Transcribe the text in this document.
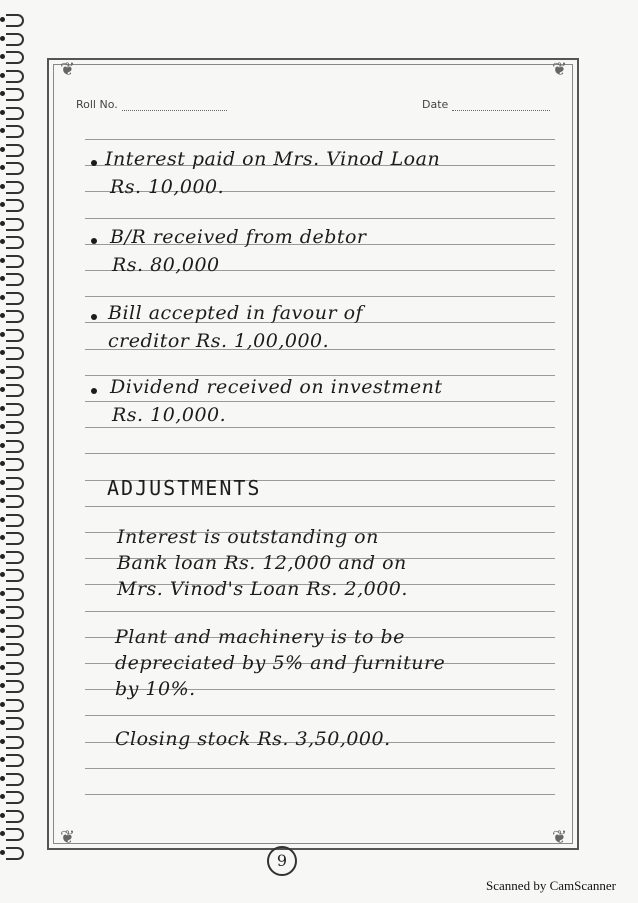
❦	❦
❦	❦
Roll No.	Date
Interest paid on Mrs. Vinod Loan
Rs. 10,000.
B/R received from debtor
Rs. 80,000
Bill accepted in favour of
creditor Rs. 1,00,000.
Dividend received on investment
Rs. 10,000.
ADJUSTMENTS
Interest is outstanding on
Bank loan Rs. 12,000 and on
Mrs. Vinod's Loan Rs. 2,000.
Plant and machinery is to be
depreciated by 5% and furniture
by 10%.
Closing stock Rs. 3,50,000.
9
Scanned by CamScanner
